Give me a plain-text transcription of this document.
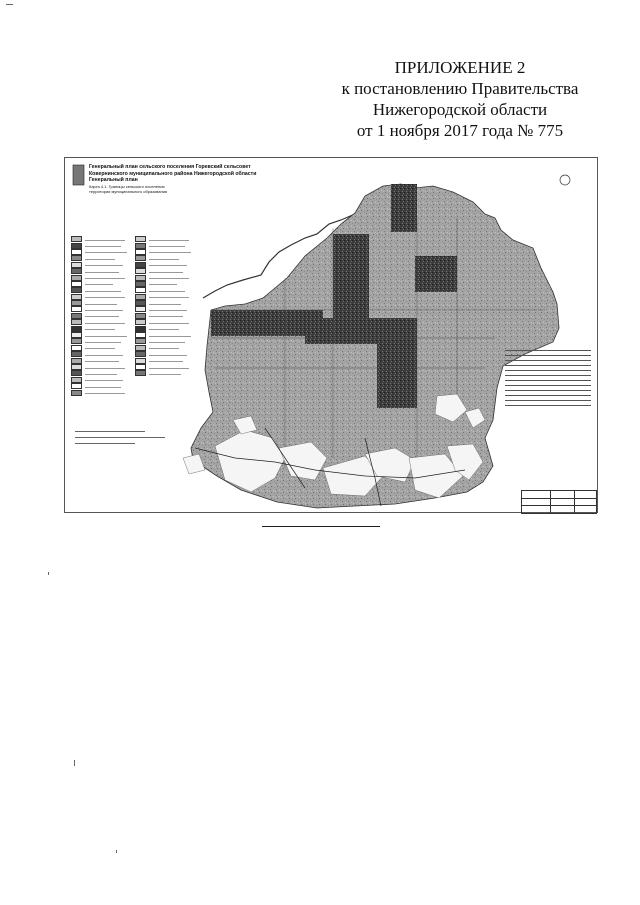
ПРИЛОЖЕНИЕ 2
к постановлению Правительства
Нижегородской области
от 1 ноября 2017 года № 775
Генеральный план сельского поселения Горевский сельсовет
Ковернинского муниципального района Нижегородской области
Генеральный план
Карта 4.1. Границы сельского поселения
территории муниципального образования
